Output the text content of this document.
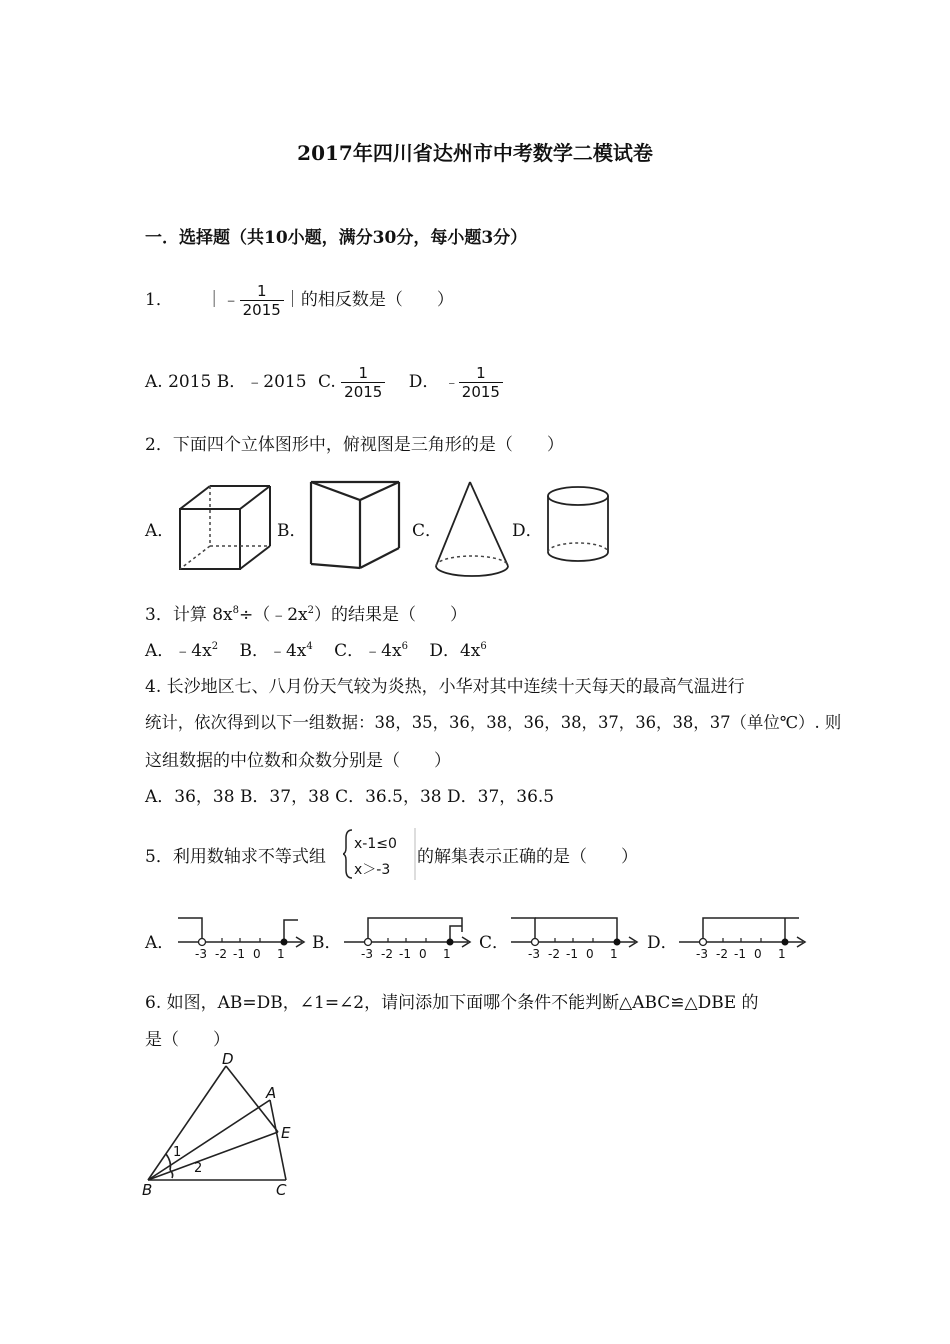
2017年四川省达州市中考数学二模试卷
一．选择题（共10小题，满分30分，每小题3分）
1． ｜﹣ $\frac{1}{2015}$ ｜的相反数是（　　）
A. 2015 B．﹣2015 C. $\frac{1}{2015}$ D． ﹣ $\frac{1}{2015}$
2．下面四个立体图形中，俯视图是三角形的是（　　）
A．	B．	C．	D．
3．计算 $8x^8\div(﹣2x^2)$的结果是（　　）
A．$﹣4x^2$ B．$﹣4x^4$ C．$﹣4x^6$ D．$4x^6$
4. 长沙地区七、八月份天气较为炎热，小华对其中连续十天每天的最高气温进行
统计，依次得到以下一组数据：38，35，36，38，36，38，37，36，38，37（单位℃）. 则
这组数据的中位数和众数分别是（　　）
A．36，38 B．37，38 C．36.5，38 D．37，36.5
5．利用数轴求不等式组
x-1≤0
x＞-3
的解集表示正确的是（　　）
A．
-3 -2 -1 0 1
B．
-3 -2 -1 0 1
C．
-3 -2 -1 0 1
D．
-3 -2 -1 0 1
6. 如图，AB=DB，∠1=∠2，请问添加下面哪个条件不能判断△ABC≌△DBE 的
是（　　）
D
A
E
B	C
1
2
